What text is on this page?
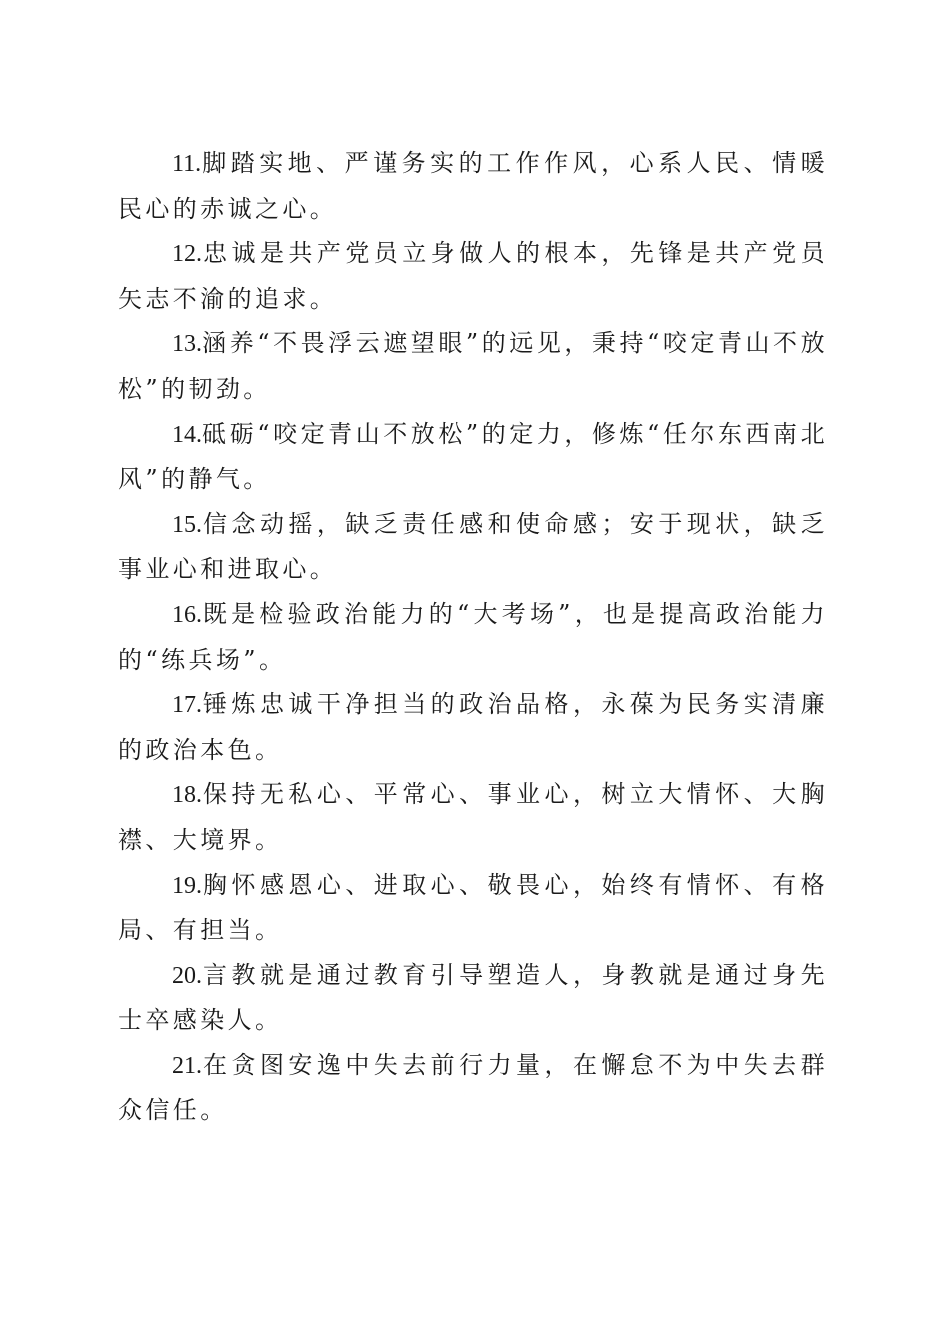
11.脚踏实地、严谨务实的工作作风，心系人民、情暖民心的赤诚之心。

12.忠诚是共产党员立身做人的根本，先锋是共产党员矢志不渝的追求。

13.涵养“不畏浮云遮望眼”的远见，秉持“咬定青山不放松”的韧劲。

14.砥砺“咬定青山不放松”的定力，修炼“任尔东西南北风”的静气。

15.信念动摇，缺乏责任感和使命感；安于现状，缺乏事业心和进取心。

16.既是检验政治能力的“大考场”，也是提高政治能力的“练兵场”。

17.锤炼忠诚干净担当的政治品格，永葆为民务实清廉的政治本色。

18.保持无私心、平常心、事业心，树立大情怀、大胸襟、大境界。

19.胸怀感恩心、进取心、敬畏心，始终有情怀、有格局、有担当。

20.言教就是通过教育引导塑造人，身教就是通过身先士卒感染人。

21.在贪图安逸中失去前行力量，在懈怠不为中失去群众信任。
